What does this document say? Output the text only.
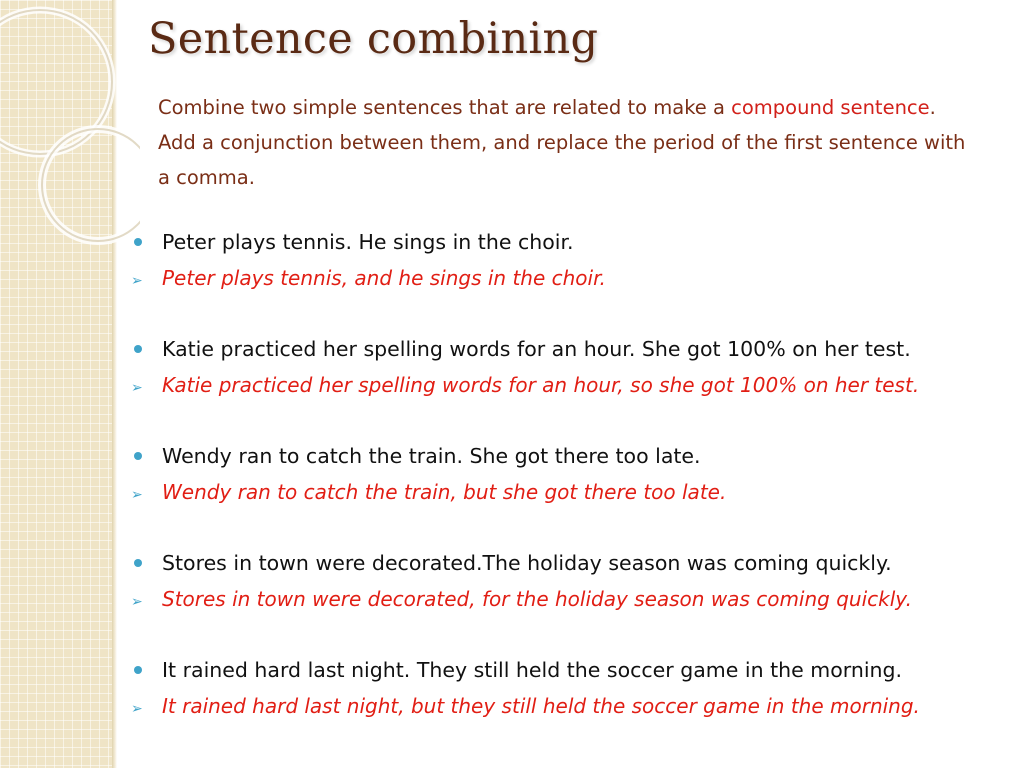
Sentence combining

Combine two simple sentences that are related to make a compound sentence. Add a conjunction between them, and replace the period of the first sentence with a comma.

Peter plays tennis. He sings in the choir.
➢ Peter plays tennis, and he sings in the choir.
Katie practiced her spelling words for an hour. She got 100% on her test.
➢ Katie practiced her spelling words for an hour, so she got 100% on her test.
Wendy ran to catch the train. She got there too late.
➢ Wendy ran to catch the train, but she got there too late.
Stores in town were decorated.The holiday season was coming quickly.
➢ Stores in town were decorated, for the holiday season was coming quickly.
It rained hard last night. They still held the soccer game in the morning.
➢ It rained hard last night, but they still held the soccer game in the morning.
